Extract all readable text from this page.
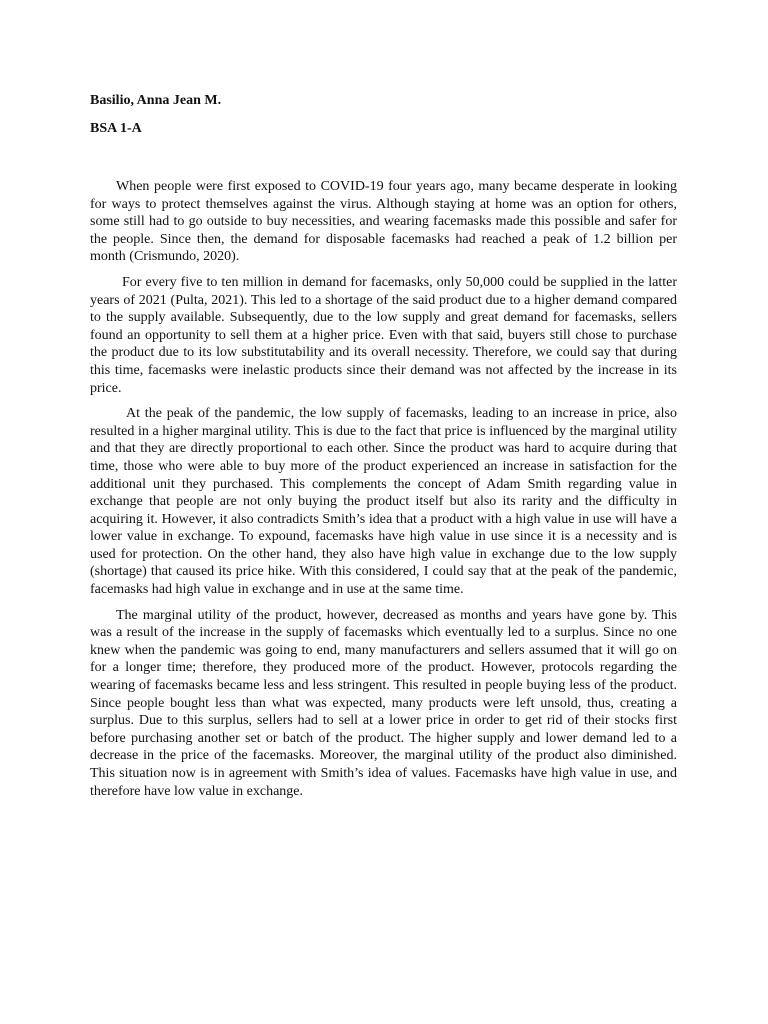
Basilio, Anna Jean M.

BSA 1-A

When people were first exposed to COVID-19 four years ago, many became desperate in looking for ways to protect themselves against the virus. Although staying at home was an option for others, some still had to go outside to buy necessities, and wearing facemasks made this possible and safer for the people. Since then, the demand for disposable facemasks had reached a peak of 1.2 billion per month (Crismundo, 2020).

For every five to ten million in demand for facemasks, only 50,000 could be supplied in the latter years of 2021 (Pulta, 2021). This led to a shortage of the said product due to a higher demand compared to the supply available. Subsequently, due to the low supply and great demand for facemasks, sellers found an opportunity to sell them at a higher price. Even with that said, buyers still chose to purchase the product due to its low substitutability and its overall necessity. Therefore, we could say that during this time, facemasks were inelastic products since their demand was not affected by the increase in its price.

At the peak of the pandemic, the low supply of facemasks, leading to an increase in price, also resulted in a higher marginal utility. This is due to the fact that price is influenced by the marginal utility and that they are directly proportional to each other. Since the product was hard to acquire during that time, those who were able to buy more of the product experienced an increase in satisfaction for the additional unit they purchased. This complements the concept of Adam Smith regarding value in exchange that people are not only buying the product itself but also its rarity and the difficulty in acquiring it. However, it also contradicts Smith’s idea that a product with a high value in use will have a lower value in exchange. To expound, facemasks have high value in use since it is a necessity and is used for protection. On the other hand, they also have high value in exchange due to the low supply (shortage) that caused its price hike. With this considered, I could say that at the peak of the pandemic, facemasks had high value in exchange and in use at the same time.

The marginal utility of the product, however, decreased as months and years have gone by. This was a result of the increase in the supply of facemasks which eventually led to a surplus. Since no one knew when the pandemic was going to end, many manufacturers and sellers assumed that it will go on for a longer time; therefore, they produced more of the product. However, protocols regarding the wearing of facemasks became less and less stringent. This resulted in people buying less of the product. Since people bought less than what was expected, many products were left unsold, thus, creating a surplus. Due to this surplus, sellers had to sell at a lower price in order to get rid of their stocks first before purchasing another set or batch of the product. The higher supply and lower demand led to a decrease in the price of the facemasks. Moreover, the marginal utility of the product also diminished. This situation now is in agreement with Smith’s idea of values. Facemasks have high value in use, and therefore have low value in exchange.
